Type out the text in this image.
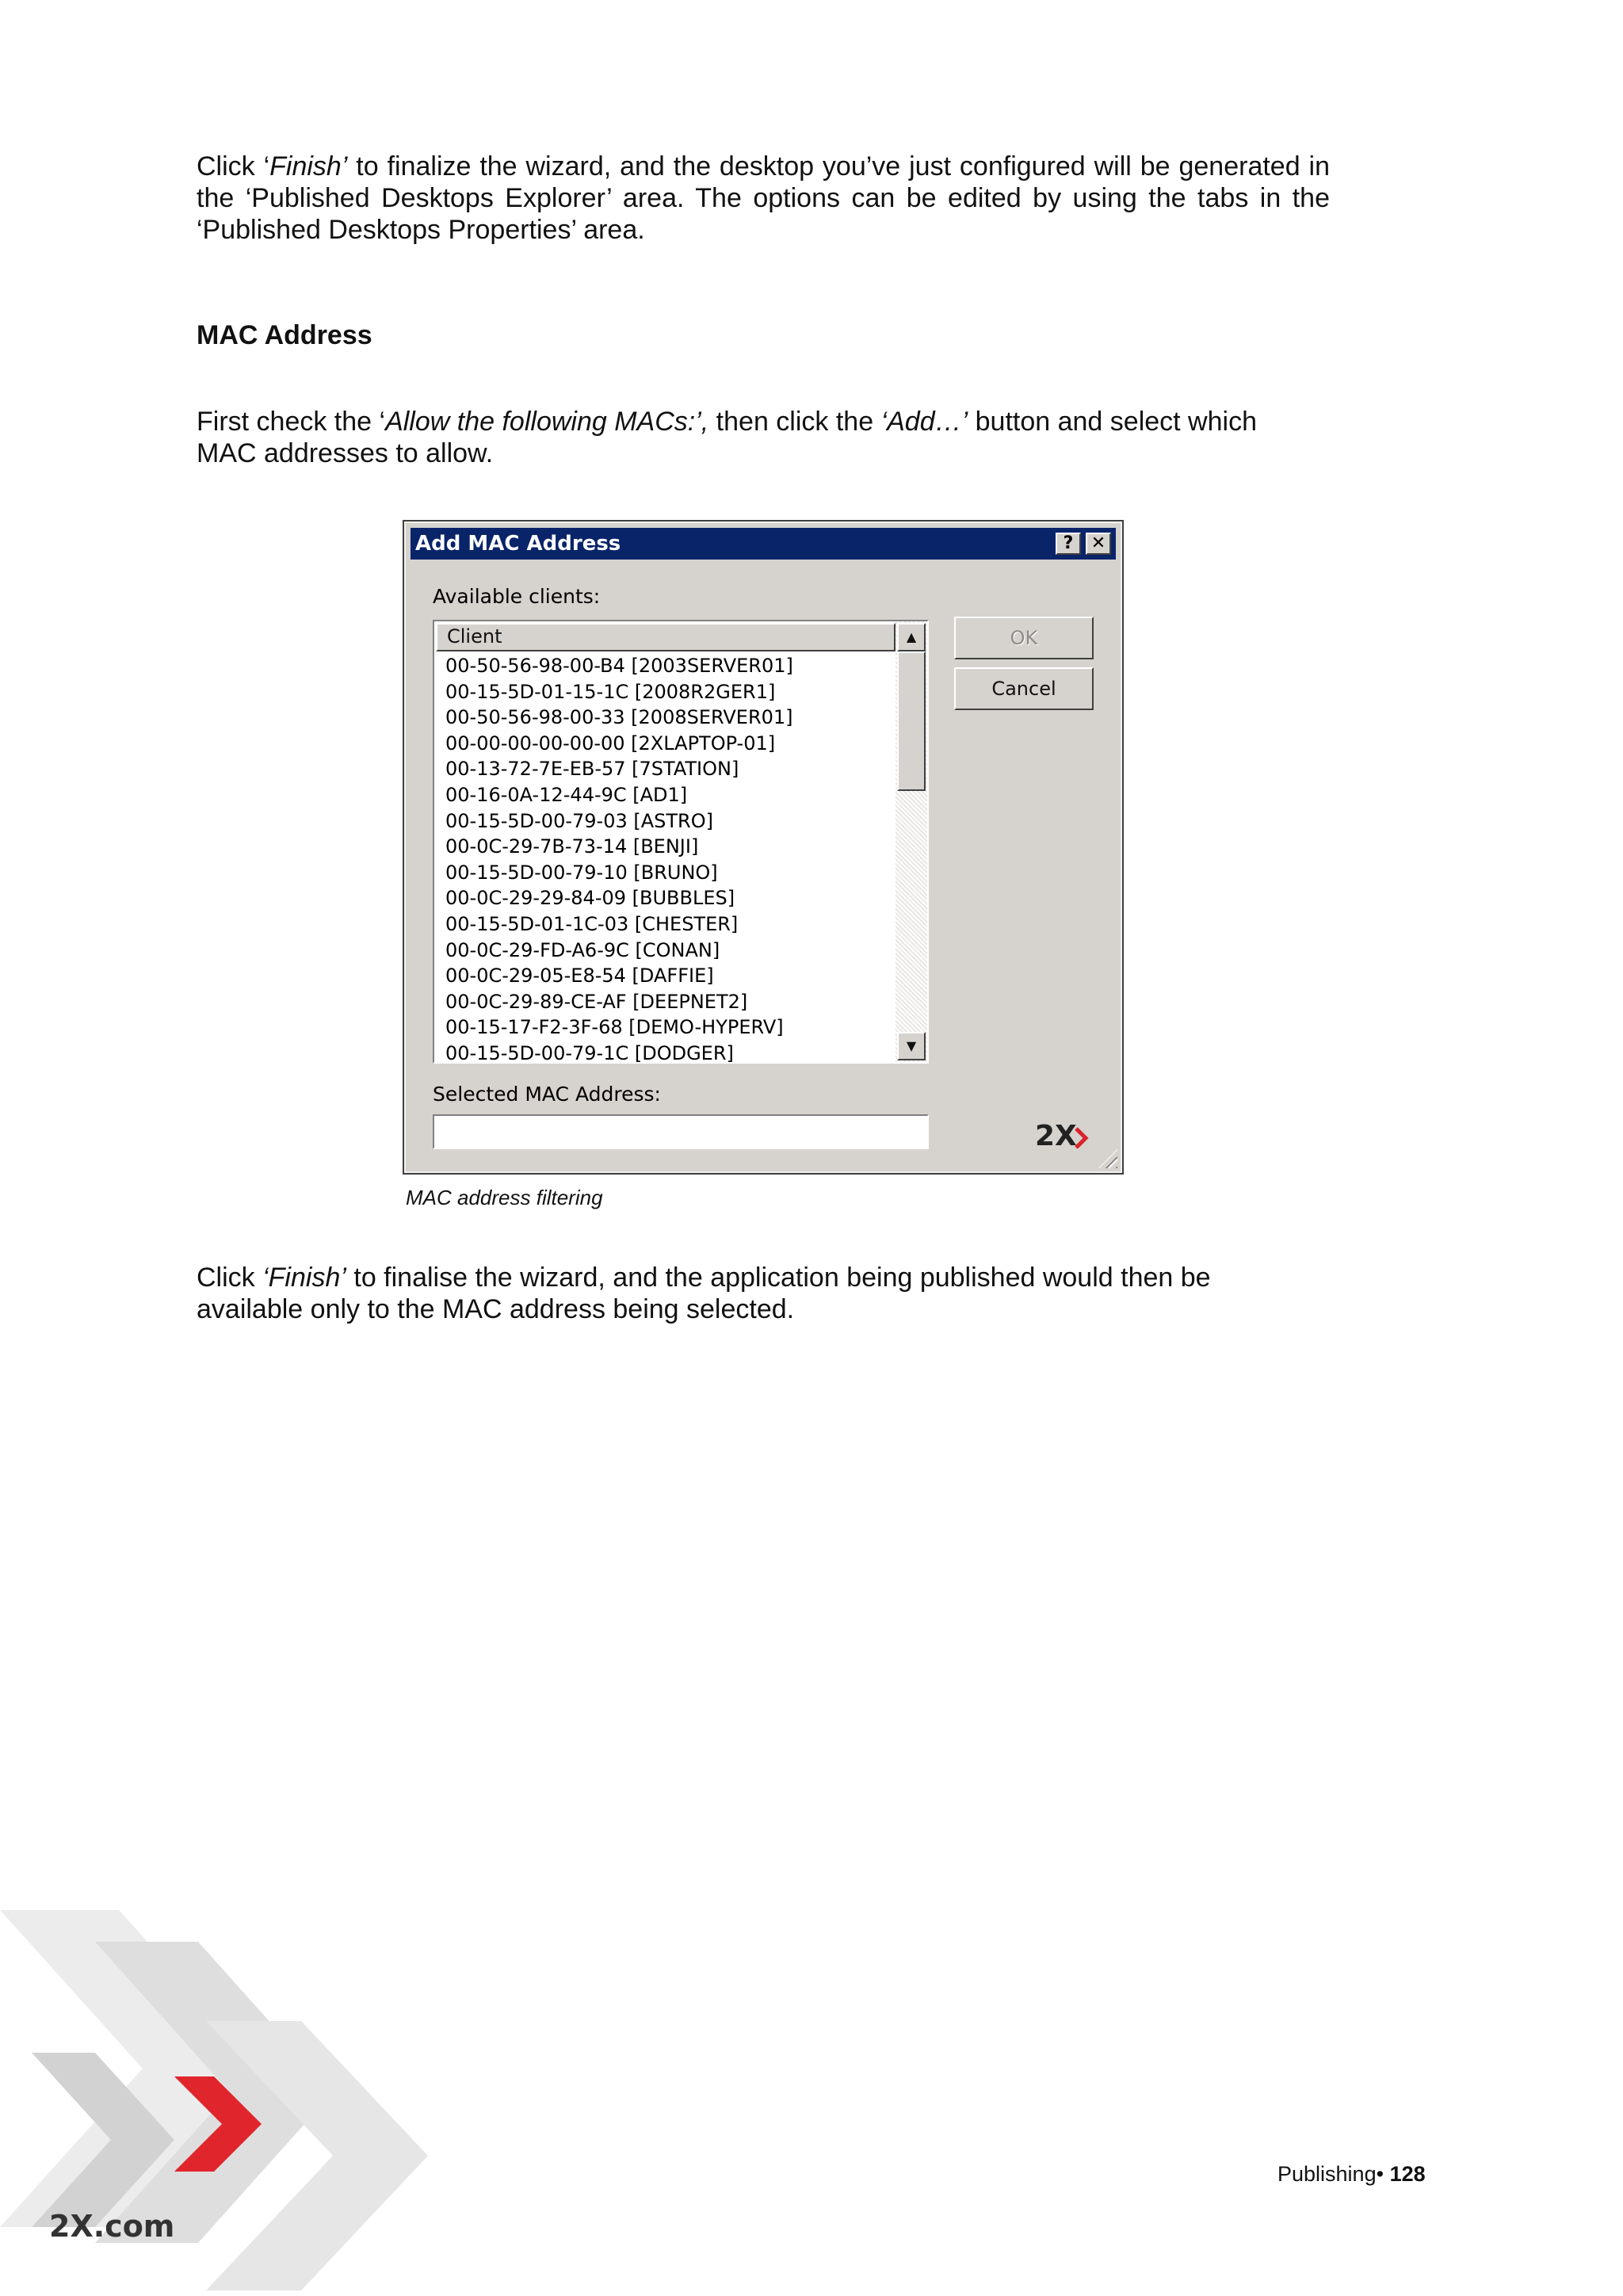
Click ‘Finish’ to finalize the wizard, and the desktop you’ve just configured will be generated in the ‘Published Desktops Explorer’ area. The options can be edited by using the tabs in the ‘Published Desktops Properties’ area.

MAC Address

First check the ‘Allow the following MACs:’, then click the ‘Add…’ button and select which MAC addresses to allow.

Add MAC Address	?	✕
Available clients:
Client
00-50-56-98-00-B4 [2003SERVER01]
00-15-5D-01-15-1C [2008R2GER1]
00-50-56-98-00-33 [2008SERVER01]
00-00-00-00-00-00 [2XLAPTOP-01]
00-13-72-7E-EB-57 [7STATION]
00-16-0A-12-44-9C [AD1]
00-15-5D-00-79-03 [ASTRO]
00-0C-29-7B-73-14 [BENJI]
00-15-5D-00-79-10 [BRUNO]
00-0C-29-29-84-09 [BUBBLES]
00-15-5D-01-1C-03 [CHESTER]
00-0C-29-FD-A6-9C [CONAN]
00-0C-29-05-E8-54 [DAFFIE]
00-0C-29-89-CE-AF [DEEPNET2]
00-15-17-F2-3F-68 [DEMO-HYPERV]
00-15-5D-00-79-1C [DODGER]
▲
▼
OK
Cancel
Selected MAC Address:
2X
MAC address filtering

Click ‘Finish’ to finalise the wizard, and the application being published would then be available only to the MAC address being selected.

2X.com
Publishing• 128
